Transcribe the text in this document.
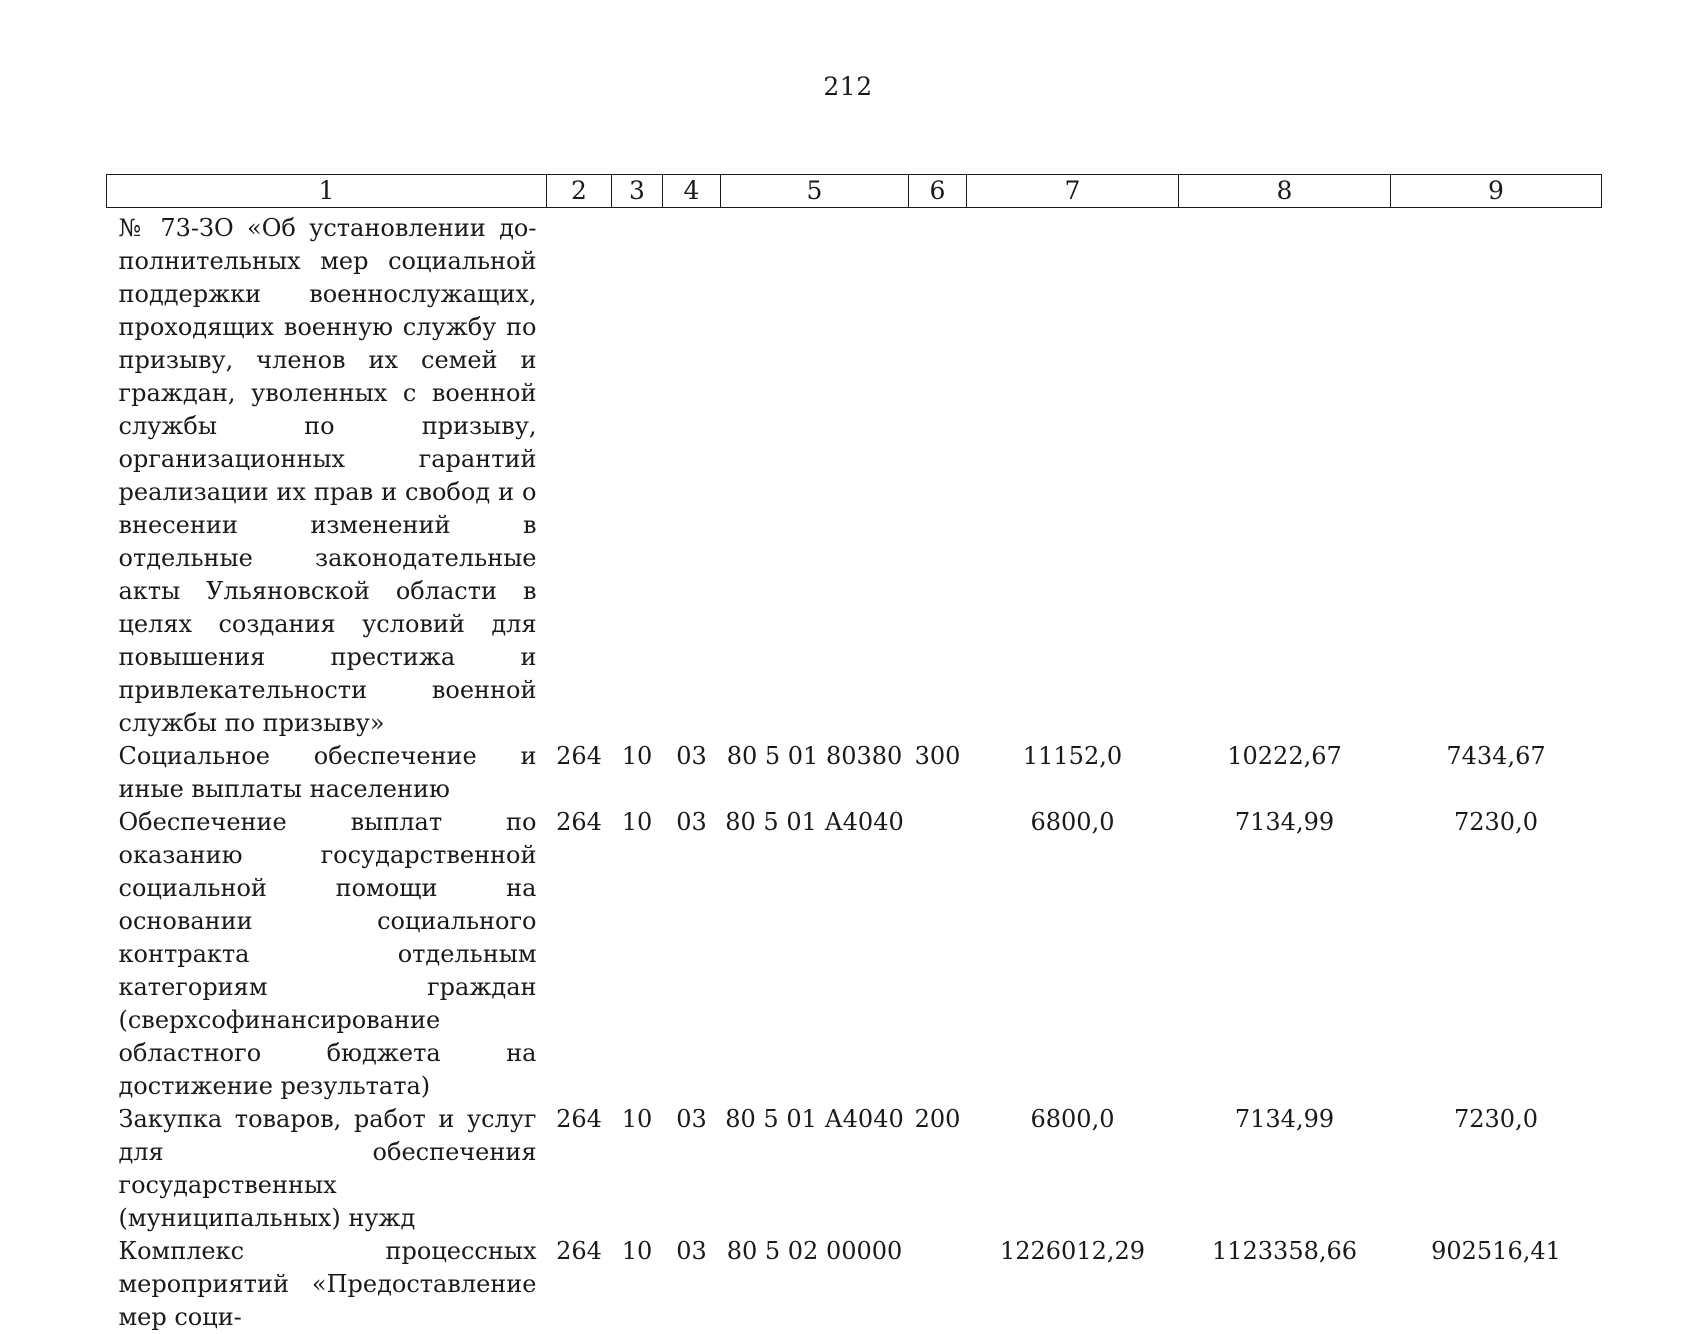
212
1	2	3	4	5	6	7	8	9
№ 73-ЗО «Об установлении дополнительных мер социальной поддержки военнослужащих, проходящих военную службу по призыву, членов их семей и граждан, уволенных с военной службы по призыву, организационных гарантий реализации их прав и свобод и о внесении изменений в отдельные законодательные акты Ульяновской области в целях создания условий для повышения престижа и привлекательности военной службы по призыву»								
Социальное обеспечение и иные выплаты населению	264	10	03	80 5 01 80380	300	11152,0	10222,67	7434,67
Обеспечение выплат по оказанию государственной социальной помощи на основании социального контракта отдельным категориям граждан (сверхсофинансирование областного бюджета на достижение результата)	264	10	03	80 5 01 А4040		6800,0	7134,99	7230,0
Закупка товаров, работ и услуг для обеспечения государственных (муниципальных) нужд	264	10	03	80 5 01 А4040	200	6800,0	7134,99	7230,0
Комплекс процессных мероприятий «Предоставление мер соци-	264	10	03	80 5 02 00000		1226012,29	1123358,66	902516,41
